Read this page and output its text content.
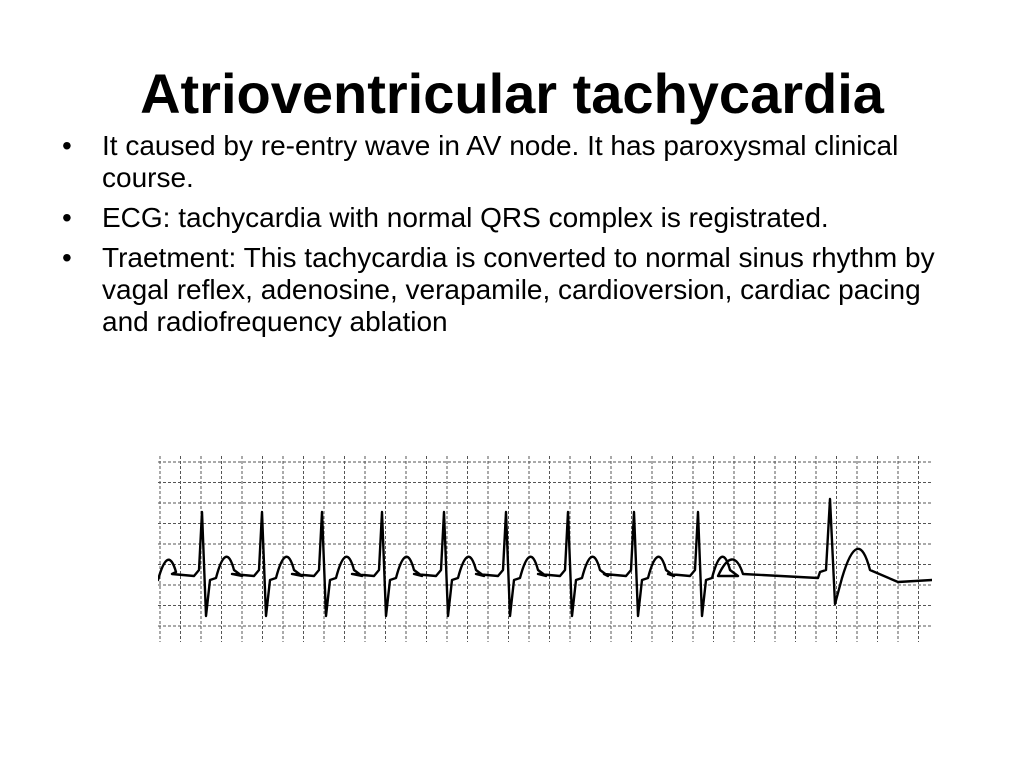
Atrioventricular tachycardia
•	It caused by re-entry wave in AV node. It has paroxysmal clinical course.
•	ECG: tachycardia with normal QRS complex is registrated.
•	Traetment: This tachycardia is converted to normal sinus rhythm by vagal reflex, adenosine, verapamile, cardioversion, cardiac pacing and radiofrequency ablation
